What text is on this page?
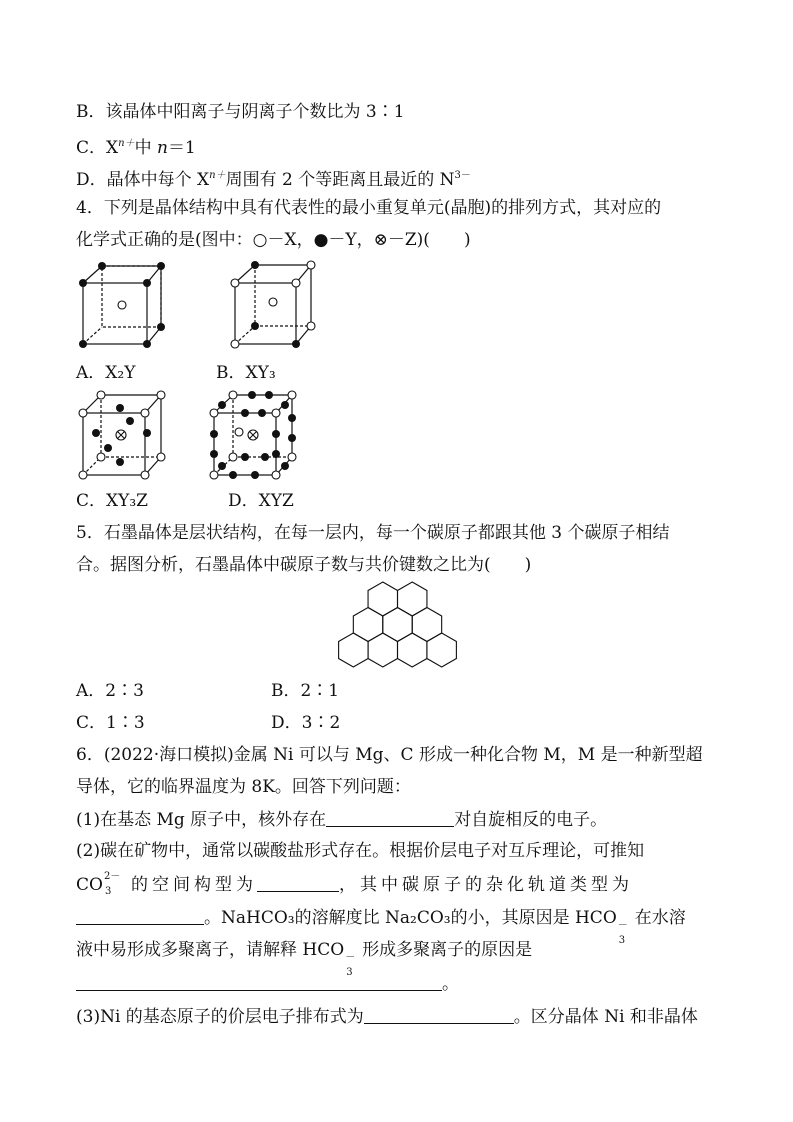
B．该晶体中阳离子与阴离子个数比为 3∶1
C．$X^{n+}$中 n＝1
D．晶体中每个 $X^{n+}$周围有 2 个等距离且最近的 $N^{3-}$
4．下列是晶体结构中具有代表性的最小重复单元(晶胞)的排列方式，其对应的
化学式正确的是(图中：○－X，●－Y，⊗－Z)(　　)
A．X₂Y	B．XY₃
C．XY₃Z	D．XYZ
5．石墨晶体是层状结构，在每一层内，每一个碳原子都跟其他 3 个碳原子相结
合。据图分析，石墨晶体中碳原子数与共价键数之比为(　　)
A．2∶3	B．2∶1
C．1∶3	D．3∶2
6．(2022·海口模拟)金属 Ni 可以与 Mg、C 形成一种化合物 M，M 是一种新型超
导体，它的临界温度为 8K。回答下列问题：
(1)在基态 Mg 原子中，核外存在	对自旋相反的电子。
(2)碳在矿物中，通常以碳酸盐形式存在。根据价层电子对互斥理论，可推知
CO 2－
3 的空间构型为	，其中碳原子的杂化轨道类型为
。NaHCO₃的溶解度比 Na₂CO₃的小，其原因是 HCO －
3
在水溶
液中易形成多聚离子，请解释 HCO －
3
形成多聚离子的原因是
。
(3)Ni 的基态原子的价层电子排布式为	。区分晶体 Ni 和非晶体
